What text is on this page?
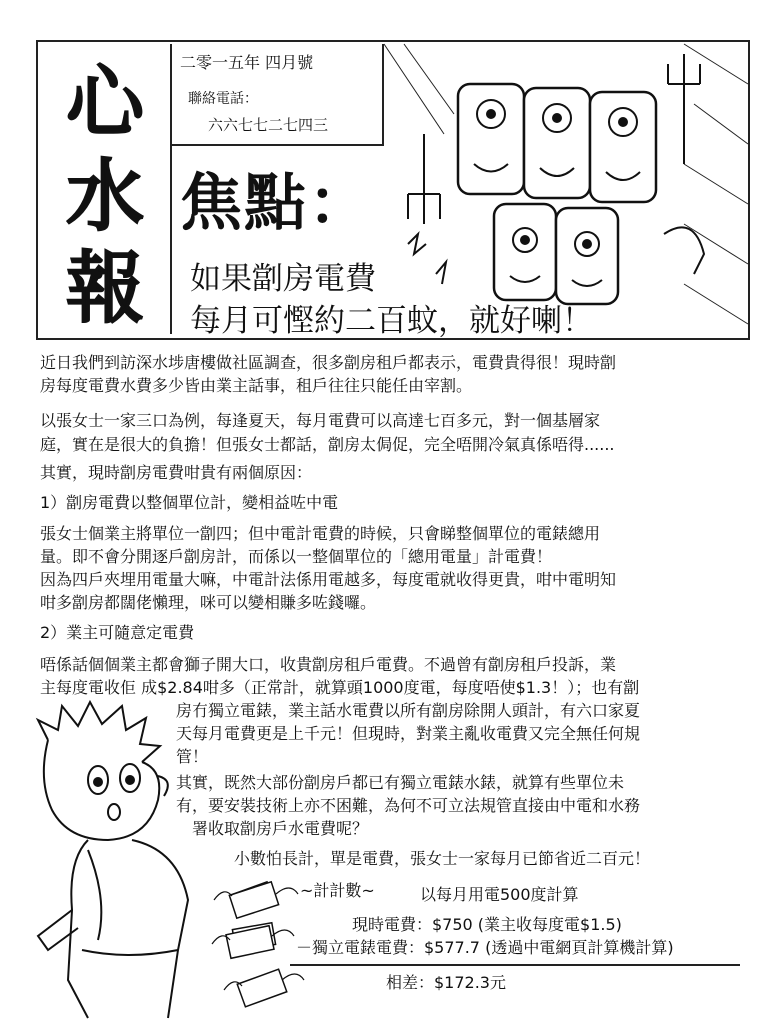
心
水
報
二零一五年 四月號
聯絡電話：
六六七七二七四三
焦點：
如果劏房電費
每月可慳約二百蚊，就好喇！
近日我們到訪深水埗唐樓做社區調查，很多劏房租戶都表示，電費貴得很！現時劏
房每度電費水費多少皆由業主話事，租戶往往只能任由宰割。
以張女士一家三口為例，每逢夏天，每月電費可以高達七百多元，對一個基層家
庭，實在是很大的負擔！但張女士都話，劏房太侷促，完全唔開冷氣真係唔得......
其實，現時劏房電費咁貴有兩個原因：
1）劏房電費以整個單位計，變相益咗中電
張女士個業主將單位一劏四；但中電計電費的時候，只會睇整個單位的電錶總用
量。即不會分開逐戶劏房計，而係以一整個單位的「總用電量」計電費！
因為四戶夾埋用電量大嘛，中電計法係用電越多，每度電就收得更貴，咁中電明知
咁多劏房都闊佬懶理，咪可以變相賺多咗錢囉。
2）業主可隨意定電費
唔係話個個業主都會獅子開大口，收貴劏房租戶電費。不過曾有劏房租戶投訴，業
主每度電收佢 成$2.84咁多（正常計，就算頭1000度電，每度唔使$1.3！）；也有劏
房冇獨立電錶，業主話水電費以所有劏房除開人頭計，有六口家夏
天每月電費更是上千元！但現時，對業主亂收電費又完全無任何規
管！
其實，既然大部份劏房戶都已有獨立電錶水錶，就算有些單位未
有，要安裝技術上亦不困難，為何不可立法規管直接由中電和水務
署收取劏房戶水電費呢？
小數怕長計，單是電費，張女士一家每月已節省近二百元！
~計計數~	以每月用電500度計算
現時電費：$750 (業主收每度電$1.5)
－獨立電錶電費：$577.7 (透過中電網頁計算機計算)
相差：$172.3元
